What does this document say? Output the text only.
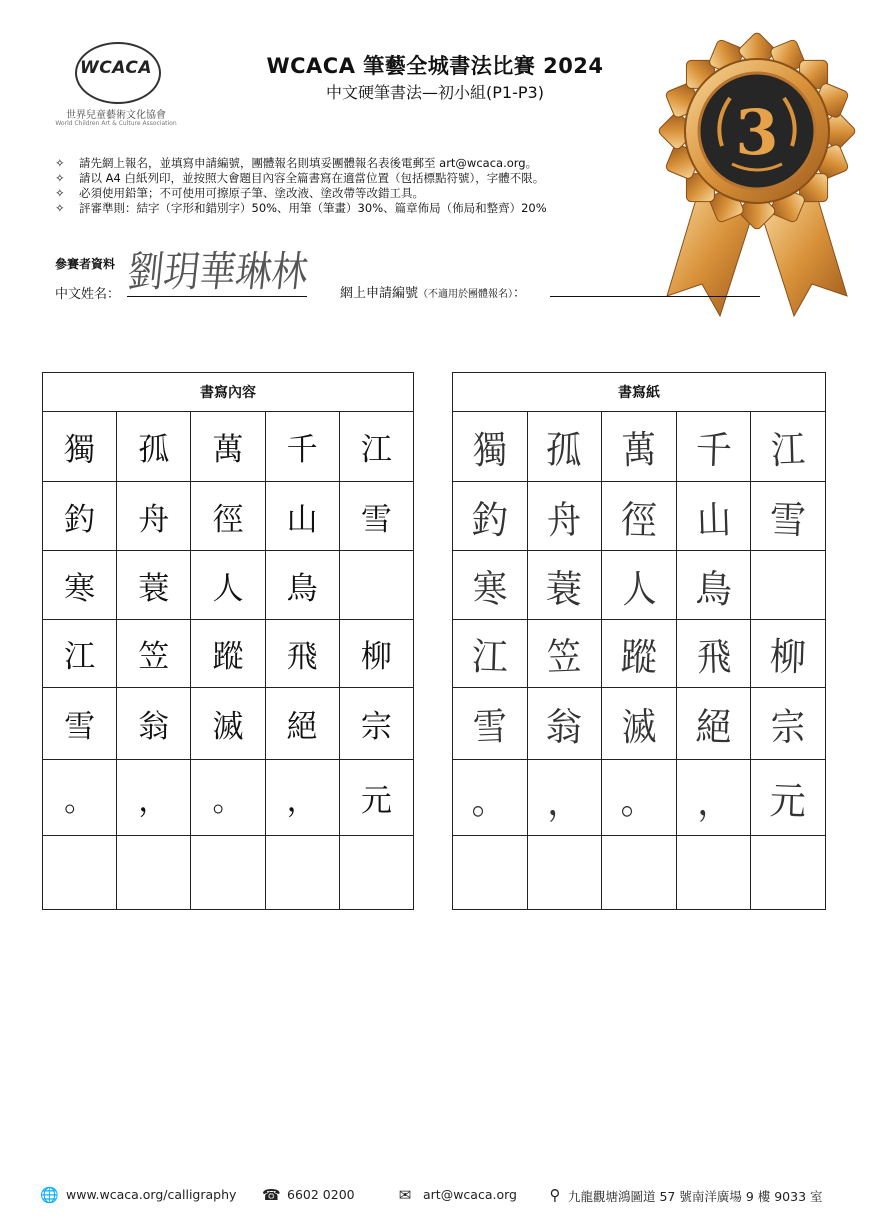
WCACA
世界兒童藝術文化協會
World Children Art & Culture Association
WCACA 筆藝全城書法比賽 2024
中文硬筆書法—初小組(P1-P3)
3
✧	請先網上報名，並填寫申請編號，團體報名則填妥團體報名表後電郵至 art@wcaca.org。
✧	請以 A4 白紙列印，並按照大會題目內容全篇書寫在適當位置（包括標點符號），字體不限。
✧	必須使用鉛筆；不可使用可擦原子筆、塗改液、塗改帶等改錯工具。
✧	評審準則：結字（字形和錯別字）50%、用筆（筆畫）30%、篇章佈局（佈局和整齊）20%
參賽者資料 劉玥華琳林
中文姓名：	網上申請編號（不適用於團體報名）：
書寫內容				
獨	孤	萬	千	江
釣	舟	徑	山	雪
寒	蓑	人	鳥	
江	笠	蹤	飛	柳
雪	翁	滅	絕	宗
。	，	。	，	元

書寫紙				
獨	孤	萬	千	江
釣	舟	徑	山	雪
寒	蓑	人	鳥	
江	笠	蹤	飛	柳
雪	翁	滅	絕	宗
。	，	。	，	元

🌐 www.wcaca.org/calligraphy ☎ 6602 0200	✉ art@wcaca.org ⚲ 九龍觀塘鴻圖道 57 號南洋廣場 9 樓 9033 室
